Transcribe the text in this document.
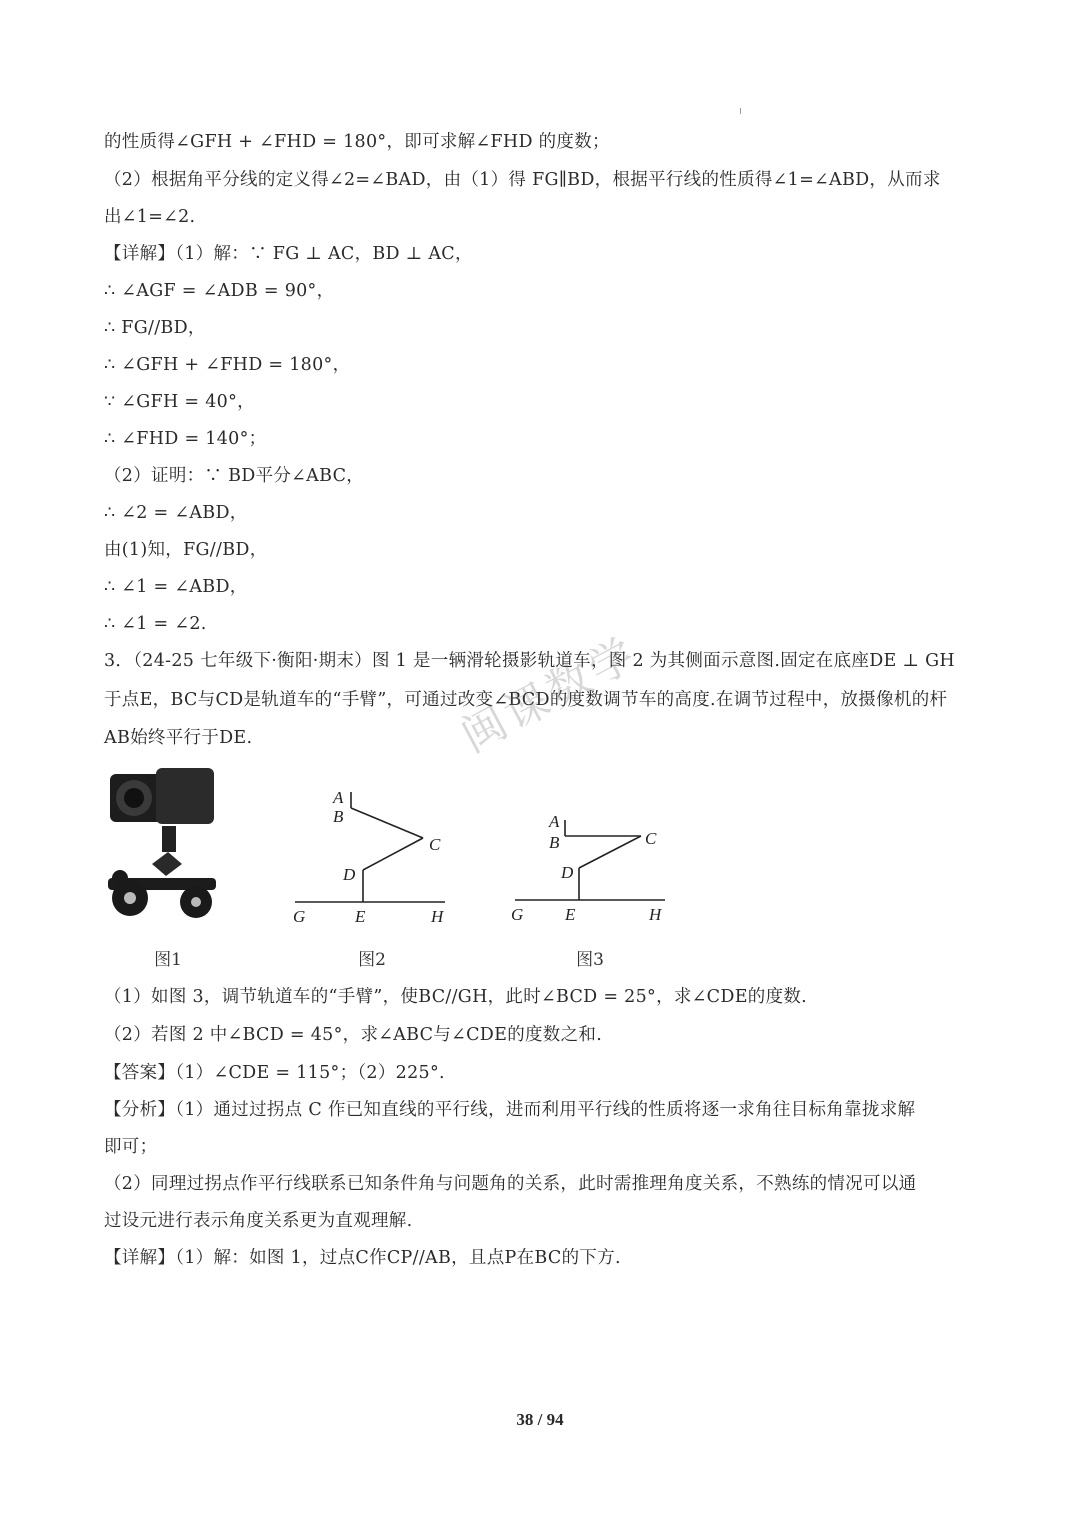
的性质得∠GFH + ∠FHD = 180°，即可求解∠FHD 的度数；
（2）根据角平分线的定义得∠2=∠BAD，由（1）得 FG∥BD，根据平行线的性质得∠1=∠ABD，从而求
出∠1=∠2.
【详解】（1）解：∵ FG ⊥ AC，BD ⊥ AC，
∴ ∠AGF = ∠ADB = 90°，
∴ FG//BD，
∴ ∠GFH + ∠FHD = 180°，
∵ ∠GFH = 40°，
∴ ∠FHD = 140°；
（2）证明：∵ BD平分∠ABC，
∴ ∠2 = ∠ABD，
由(1)知，FG//BD，
∴ ∠1 = ∠ABD，
∴ ∠1 = ∠2.
3．（24-25 七年级下·衡阳·期末）图 1 是一辆滑轮摄影轨道车，图 2 为其侧面示意图.固定在底座DE ⊥ GH
于点E，BC与CD是轨道车的“手臂”，可通过改变∠BCD的度数调节车的高度.在调节过程中，放摄像机的杆
AB始终平行于DE.	闽课数学
图1
A
B
C
D
G	E	H
图2
A
B	C
D
G E	H
图3
（1）如图 3，调节轨道车的“手臂”，使BC//GH，此时∠BCD = 25°，求∠CDE的度数.
（2）若图 2 中∠BCD = 45°，求∠ABC与∠CDE的度数之和.
【答案】（1）∠CDE = 115°；（2）225°.
【分析】（1）通过过拐点 C 作已知直线的平行线，进而利用平行线的性质将逐一求角往目标角靠拢求解
即可；
（2）同理过拐点作平行线联系已知条件角与问题角的关系，此时需推理角度关系，不熟练的情况可以通
过设元进行表示角度关系更为直观理解.
【详解】（1）解：如图 1，过点C作CP//AB，且点P在BC的下方.
38 / 94
